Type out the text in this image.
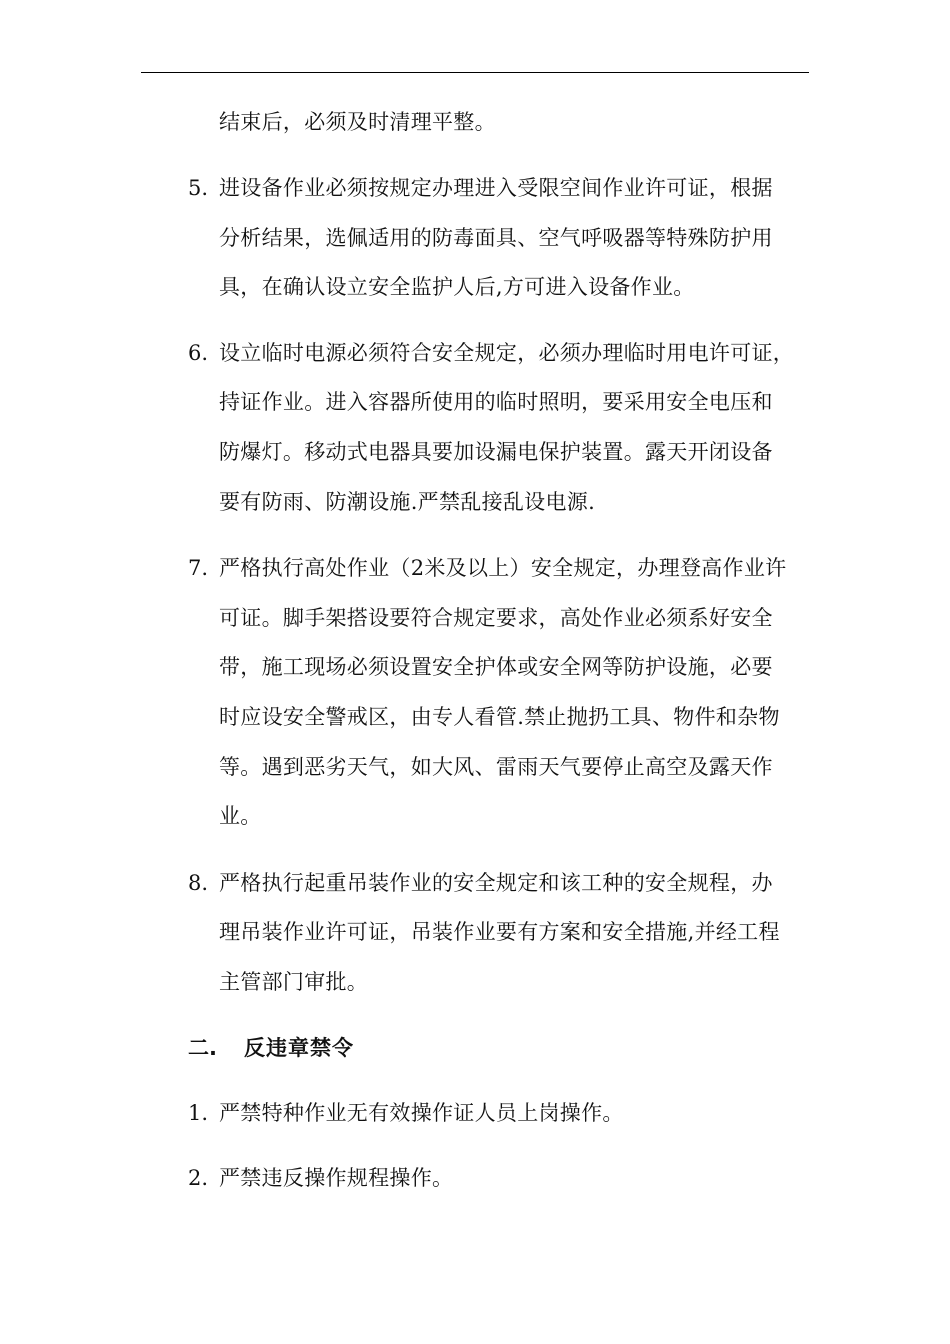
结束后，必须及时清理平整。
5. 进设备作业必须按规定办理进入受限空间作业许可证，根据
分析结果，选佩适用的防毒面具、空气呼吸器等特殊防护用
具，在确认设立安全监护人后,方可进入设备作业。
6. 设立临时电源必须符合安全规定，必须办理临时用电许可证，
持证作业。进入容器所使用的临时照明，要采用安全电压和
防爆灯。移动式电器具要加设漏电保护装置。露天开闭设备
要有防雨、防潮设施.严禁乱接乱设电源.
7. 严格执行高处作业（2米及以上）安全规定，办理登高作业许
可证。脚手架搭设要符合规定要求，高处作业必须系好安全
带，施工现场必须设置安全护体或安全网等防护设施，必要
时应设安全警戒区，由专人看管.禁止抛扔工具、物件和杂物
等。遇到恶劣天气，如大风、雷雨天气要停止高空及露天作
业。
8. 严格执行起重吊装作业的安全规定和该工种的安全规程，办
理吊装作业许可证，吊装作业要有方案和安全措施,并经工程
主管部门审批。
二. 反违章禁令
1. 严禁特种作业无有效操作证人员上岗操作。
2. 严禁违反操作规程操作。
